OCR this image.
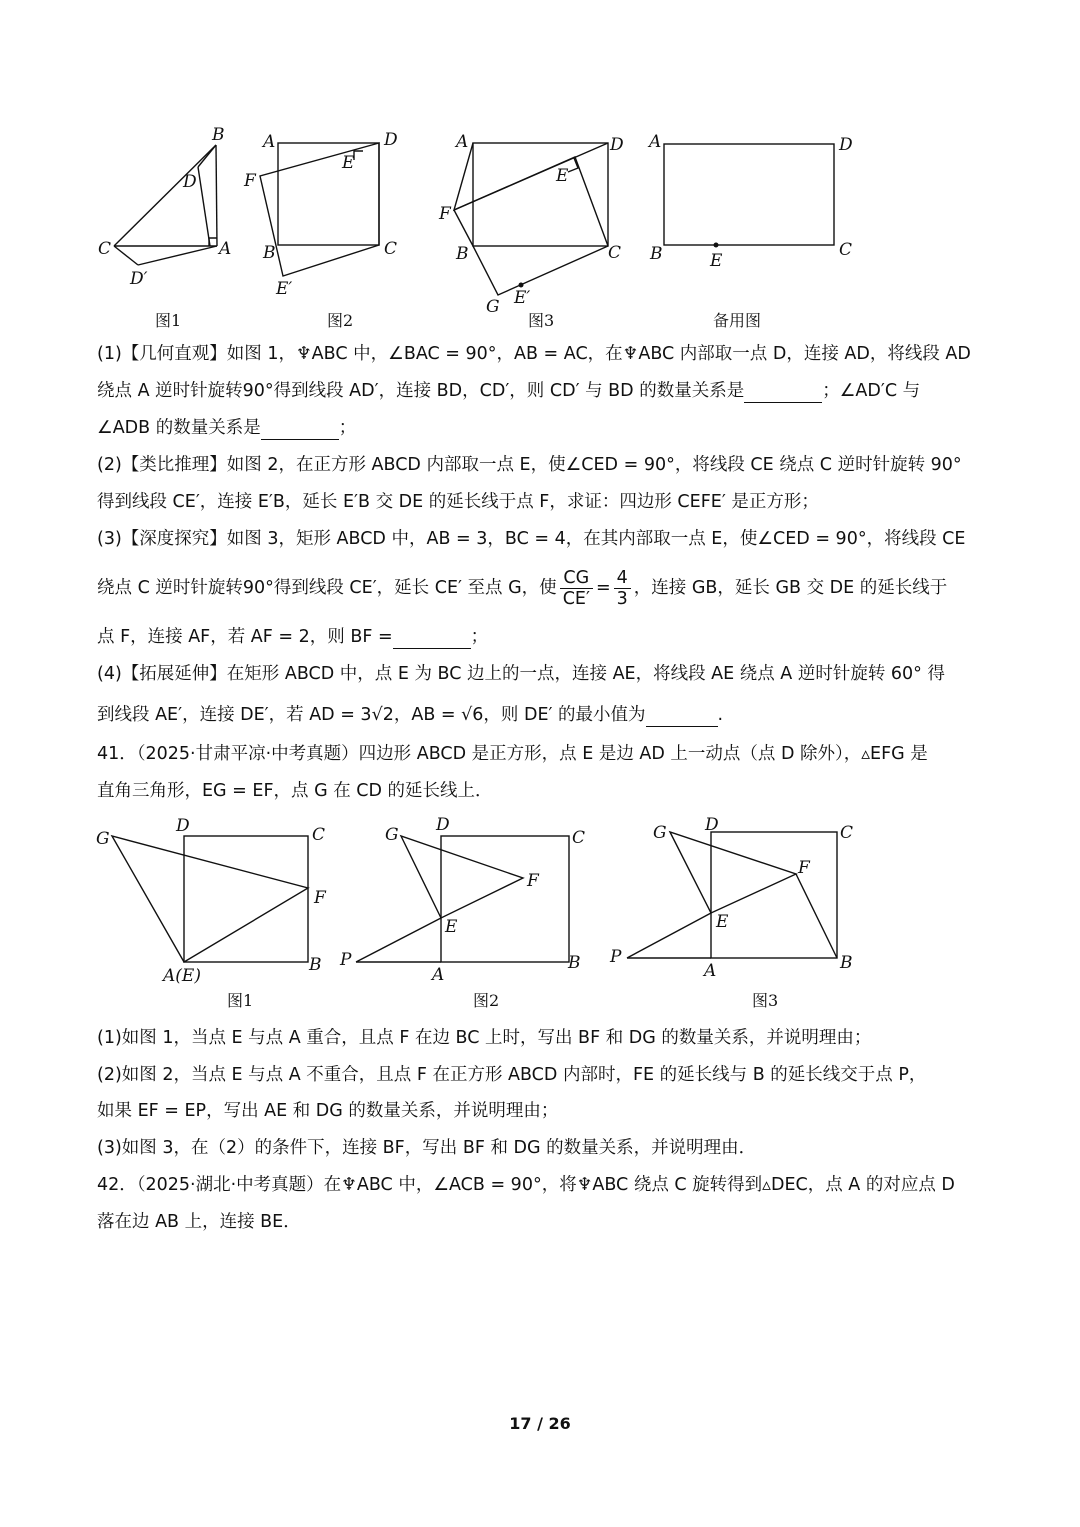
B
D
C	A
D′
图1
A	D
E
F
B	C
E′
图2
A	D
E
F
B	C
G E′
图3
A	D
B	C
E
备用图
(1)【几何直观】如图 1，♆ABC 中，∠BAC = 90°，AB = AC，在♆ABC 内部取一点 D，连接 AD，将线段 AD
绕点 A 逆时针旋转90°得到线段 AD′，连接 BD，CD′，则 CD′ 与 BD 的数量关系是	；∠AD′C 与
∠ADB 的数量关系是	；
(2)【类比推理】如图 2，在正方形 ABCD 内部取一点 E，使∠CED = 90°，将线段 CE 绕点 C 逆时针旋转 90°
得到线段 CE′，连接 E′B，延长 E′B 交 DE 的延长线于点 F，求证：四边形 CEFE′ 是正方形；
(3)【深度探究】如图 3，矩形 ABCD 中，AB = 3，BC = 4，在其内部取一点 E，使∠CED = 90°，将线段 CE
绕点 C 逆时针旋转90°得到线段 CE′，延长 CE′ 至点 G，使 $\frac{CG}{CE'} = \frac{4}{3}$ ，连接 GB，延长 GB 交 DE 的延长线于
点 F，连接 AF，若 AF = 2，则 BF =	；
(4)【拓展延伸】在矩形 ABCD 中，点 E 为 BC 边上的一点，连接 AE，将线段 AE 绕点 A 逆时针旋转 60° 得
到线段 AE′，连接 DE′，若 AD = 3√2，AB = √6，则 DE′ 的最小值为	.
41．（2025·甘肃平凉·中考真题）四边形 ABCD 是正方形，点 E 是边 AD 上一动点（点 D 除外），▵EFG 是
直角三角形，EG = EF，点 G 在 CD 的延长线上．
G
D	C
F
A(E)
B
图1
G D
C
F
E
P
A
B
图2
G D	C
F
E
P
A	B
图3
(1)如图 1，当点 E 与点 A 重合，且点 F 在边 BC 上时，写出 BF 和 DG 的数量关系，并说明理由；
(2)如图 2，当点 E 与点 A 不重合，且点 F 在正方形 ABCD 内部时，FE 的延长线与 B 的延长线交于点 P，
如果 EF = EP，写出 AE 和 DG 的数量关系，并说明理由；
(3)如图 3，在（2）的条件下，连接 BF，写出 BF 和 DG 的数量关系，并说明理由．
42．（2025·湖北·中考真题）在♆ABC 中，∠ACB = 90°，将♆ABC 绕点 C 旋转得到▵DEC，点 A 的对应点 D
落在边 AB 上，连接 BE．
17 / 26
